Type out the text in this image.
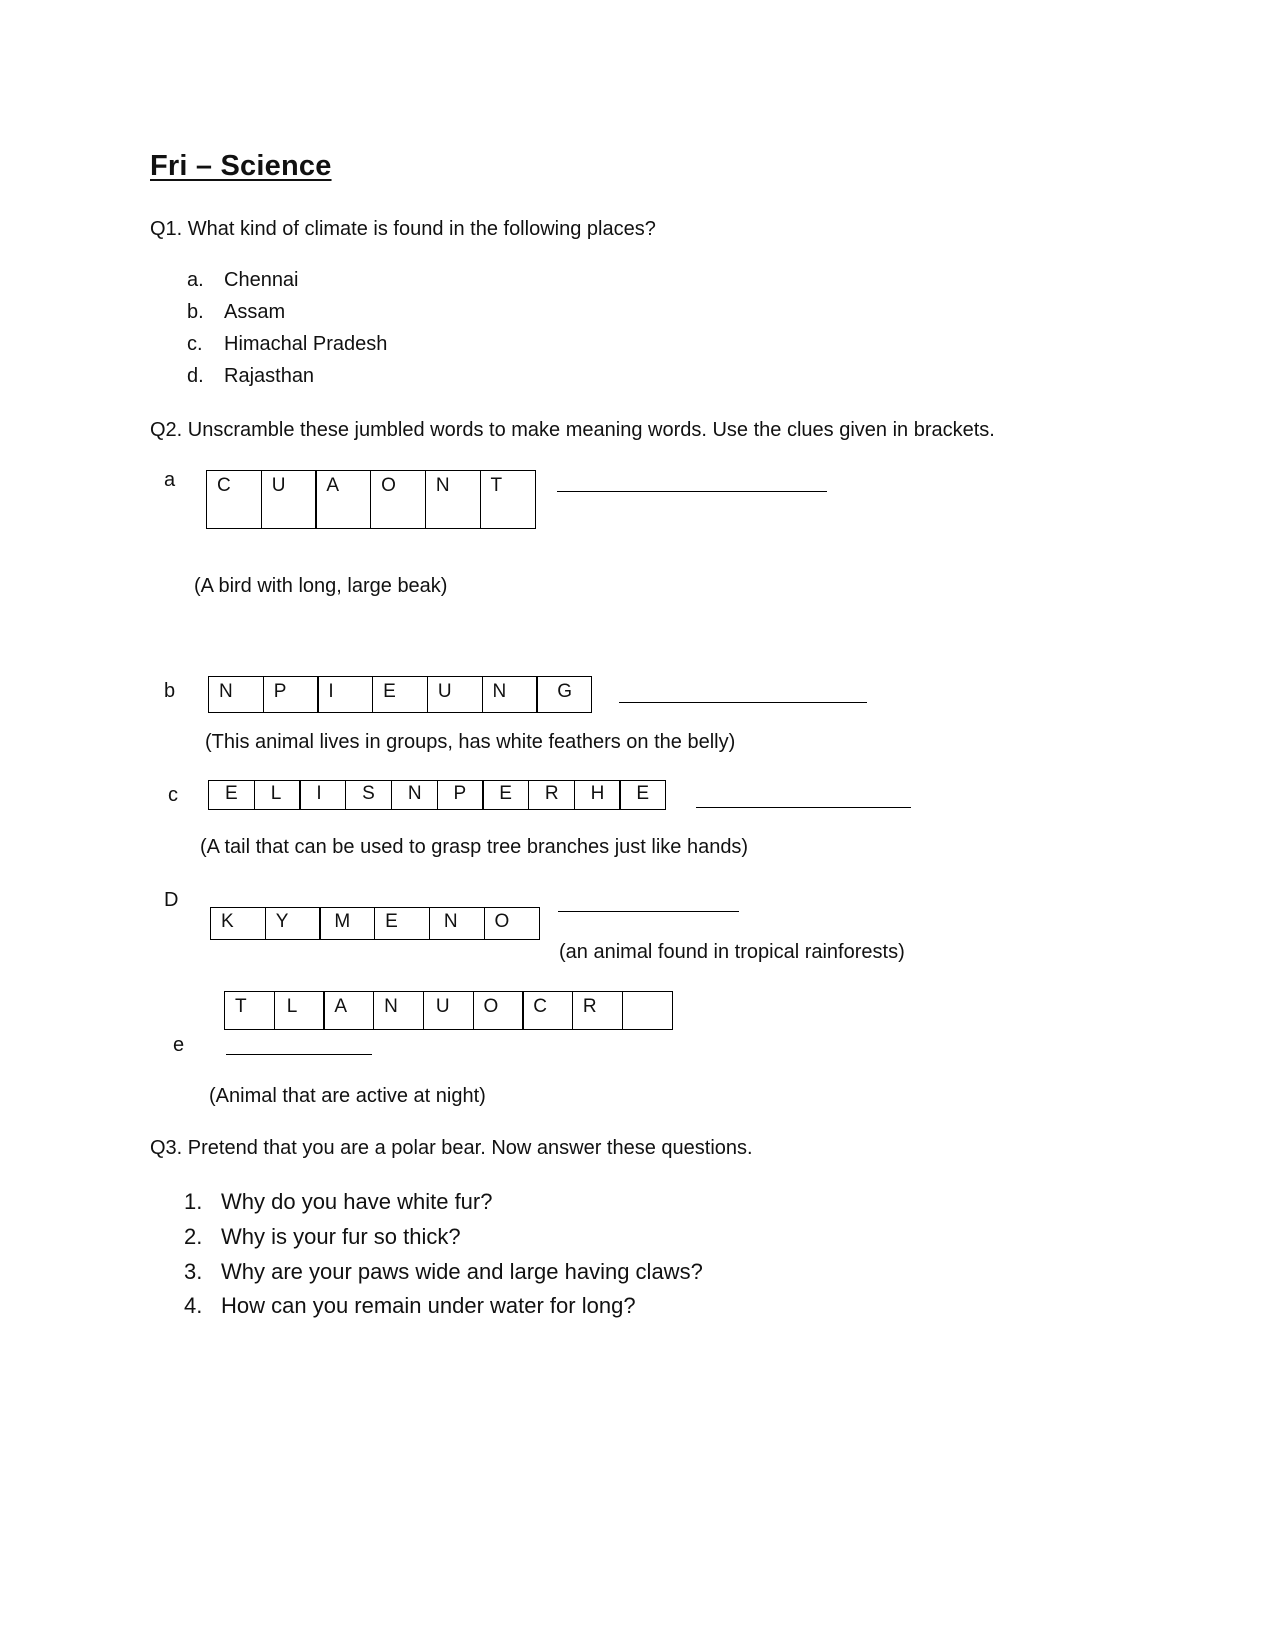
Fri – Science
Q1. What kind of climate is found in the following places?
a. Chennai
b. Assam
c. Himachal Pradesh
d. Rajasthan
Q2. Unscramble these jumbled words to make meaning words. Use the clues given in brackets.
a	C	U	A	O	N	T
(A bird with long, large beak)
b	N	P	I	E	U	N	G
(This animal lives in groups, has white feathers on the belly)
c	E	L	I	S	N	P	E	R	H	E
(A tail that can be used to grasp tree branches just like hands)
D
K	Y	M	E	N	O
(an animal found in tropical rainforests)
T	L	A	N	U	O	C	R
e
(Animal that are active at night)
Q3. Pretend that you are a polar bear. Now answer these questions.
1. Why do you have white fur?
2. Why is your fur so thick?
3. Why are your paws wide and large having claws?
4. How can you remain under water for long?
